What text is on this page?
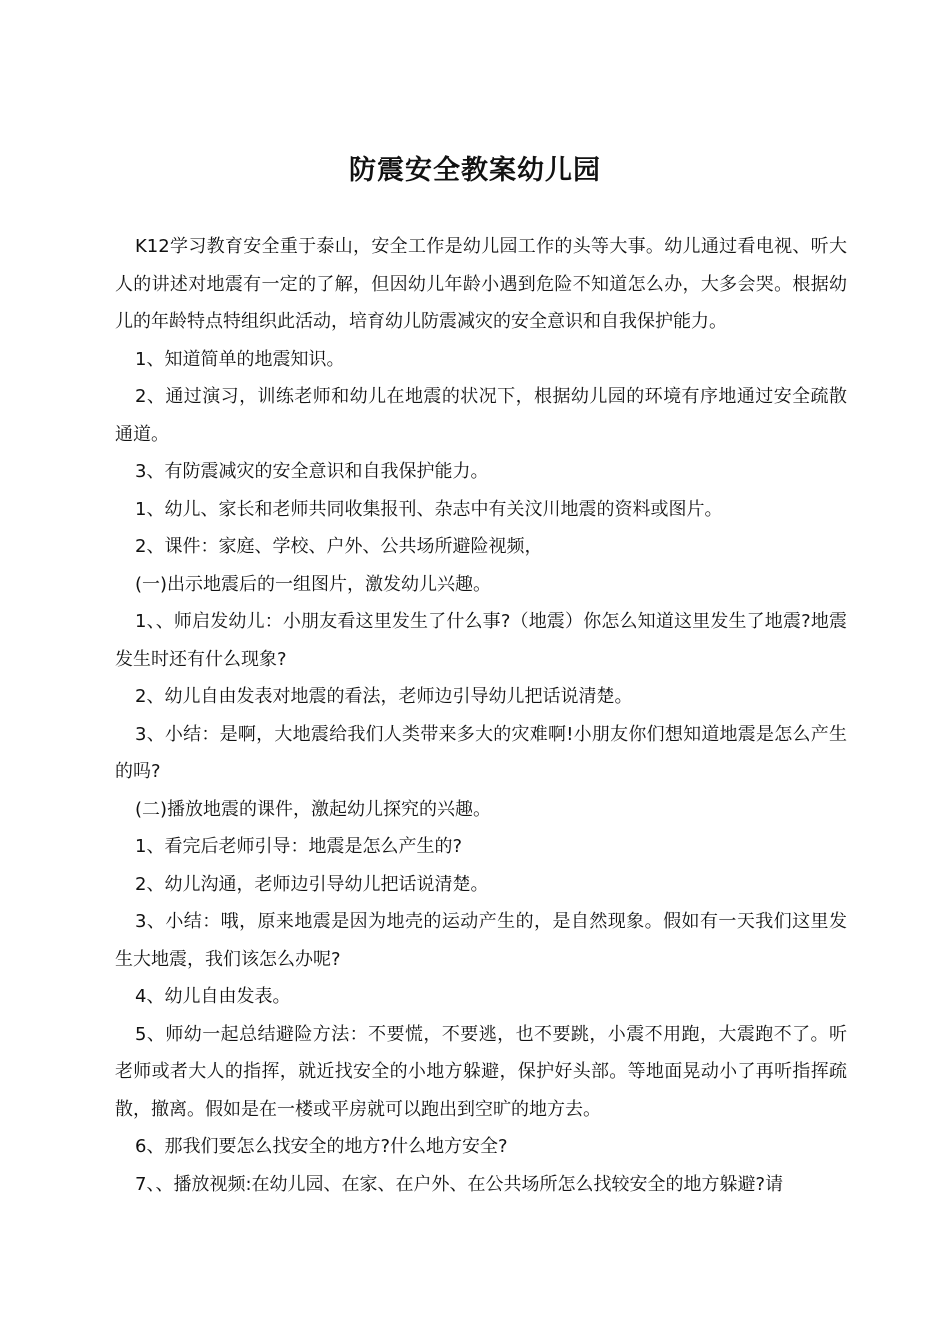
防震安全教案幼儿园

K12学习教育安全重于泰山，安全工作是幼儿园工作的头等大事。幼儿通过看电视、听大人的讲述对地震有一定的了解，但因幼儿年龄小遇到危险不知道怎么办，大多会哭。根据幼儿的年龄特点特组织此活动，培育幼儿防震减灾的安全意识和自我保护能力。

1、知道简单的地震知识。

2、通过演习，训练老师和幼儿在地震的状况下，根据幼儿园的环境有序地通过安全疏散通道。

3、有防震减灾的安全意识和自我保护能力。

1、幼儿、家长和老师共同收集报刊、杂志中有关汶川地震的资料或图片。

2、课件：家庭、学校、户外、公共场所避险视频，

(一)出示地震后的一组图片，激发幼儿兴趣。

1、、师启发幼儿：小朋友看这里发生了什么事?（地震）你怎么知道这里发生了地震?地震发生时还有什么现象?

2、幼儿自由发表对地震的看法，老师边引导幼儿把话说清楚。

3、小结：是啊，大地震给我们人类带来多大的灾难啊!小朋友你们想知道地震是怎么产生的吗?

(二)播放地震的课件，激起幼儿探究的兴趣。

1、看完后老师引导：地震是怎么产生的?

2、幼儿沟通，老师边引导幼儿把话说清楚。

3、小结：哦，原来地震是因为地壳的运动产生的，是自然现象。假如有一天我们这里发生大地震，我们该怎么办呢?

4、幼儿自由发表。

5、师幼一起总结避险方法：不要慌，不要逃，也不要跳，小震不用跑，大震跑不了。听老师或者大人的指挥，就近找安全的小地方躲避，保护好头部。等地面晃动小了再听指挥疏散，撤离。假如是在一楼或平房就可以跑出到空旷的地方去。

6、那我们要怎么找安全的地方?什么地方安全?

7、、播放视频:在幼儿园、在家、在户外、在公共场所怎么找较安全的地方躲避?请
